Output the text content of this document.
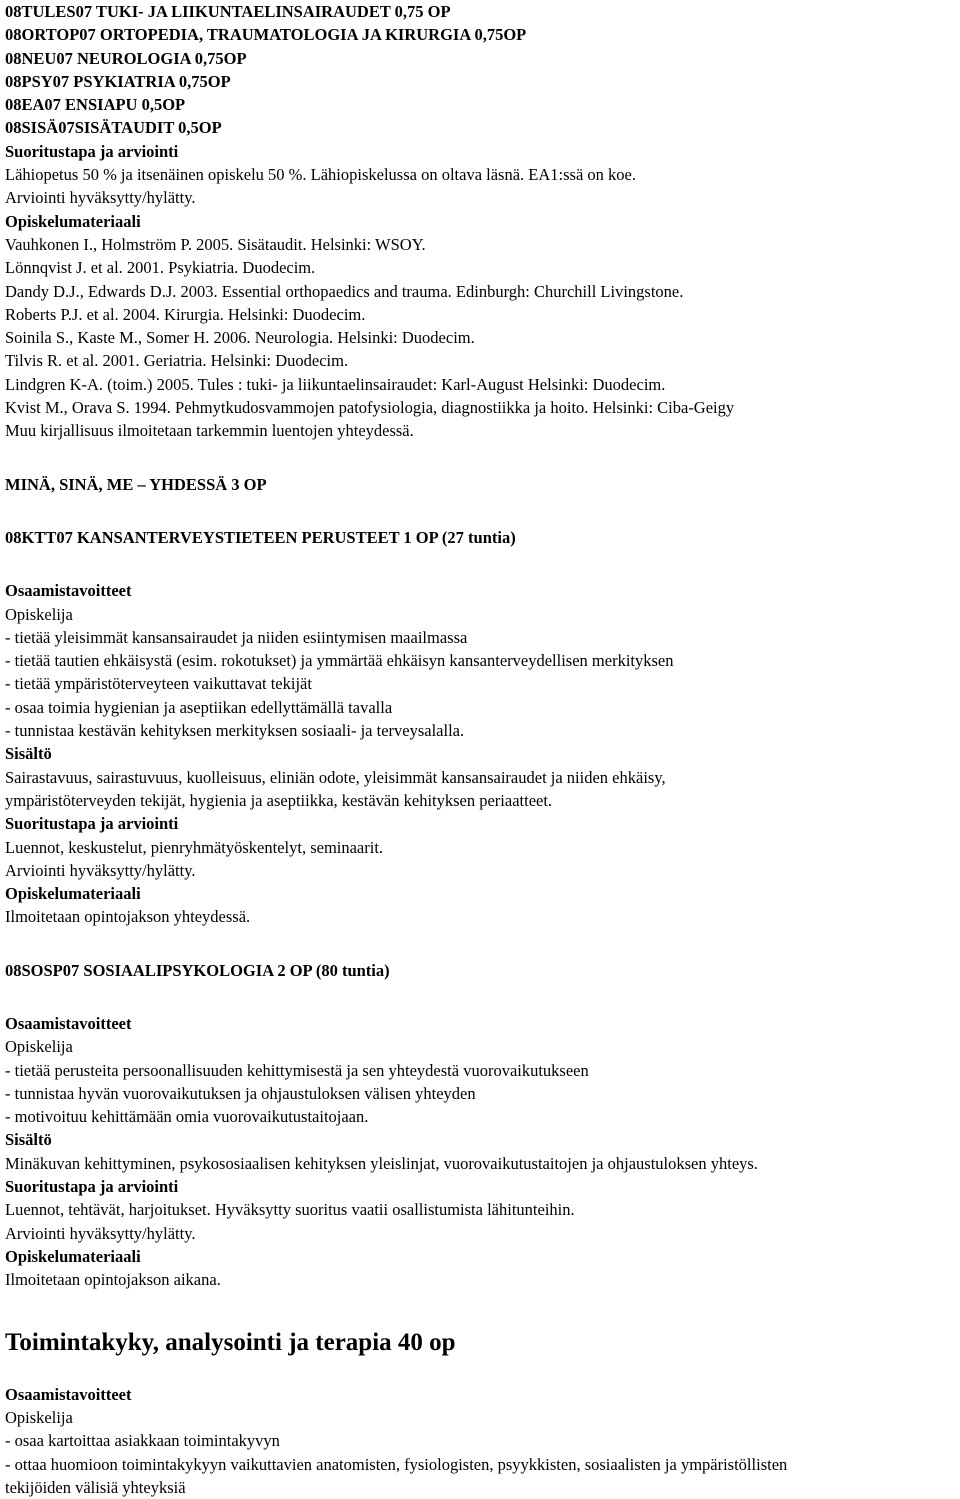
08TULES07 TUKI- JA LIIKUNTAELINSAIRAUDET 0,75 OP
08ORTOP07 ORTOPEDIA, TRAUMATOLOGIA JA KIRURGIA 0,75OP
08NEU07 NEUROLOGIA 0,75OP
08PSY07 PSYKIATRIA 0,75OP
08EA07 ENSIAPU 0,5OP
08SISÄ07SISÄTAUDIT 0,5OP
Suoritustapa ja arviointi
Lähiopetus 50 % ja itsenäinen opiskelu 50 %. Lähiopiskelussa on oltava läsnä. EA1:ssä on koe.
Arviointi hyväksytty/hylätty.
Opiskelumateriaali
Vauhkonen I., Holmström P. 2005. Sisätaudit. Helsinki: WSOY.
Lönnqvist J. et al. 2001. Psykiatria. Duodecim.
Dandy D.J., Edwards D.J. 2003. Essential orthopaedics and trauma. Edinburgh: Churchill Livingstone.
Roberts P.J. et al. 2004. Kirurgia. Helsinki: Duodecim.
Soinila S., Kaste M., Somer H. 2006. Neurologia. Helsinki: Duodecim.
Tilvis R. et al. 2001. Geriatria. Helsinki: Duodecim.
Lindgren K-A. (toim.) 2005. Tules : tuki- ja liikuntaelinsairaudet: Karl-August Helsinki: Duodecim.
Kvist M., Orava S. 1994. Pehmytkudosvammojen patofysiologia, diagnostiikka ja hoito. Helsinki: Ciba-Geigy
Muu kirjallisuus ilmoitetaan tarkemmin luentojen yhteydessä.
MINÄ, SINÄ, ME – YHDESSÄ 3 OP
08KTT07 KANSANTERVEYSTIETEEN PERUSTEET 1 OP (27 tuntia)
Osaamistavoitteet
Opiskelija
- tietää yleisimmät kansansairaudet ja niiden esiintymisen maailmassa
- tietää tautien ehkäisystä (esim. rokotukset) ja ymmärtää ehkäisyn kansanterveydellisen merkityksen
- tietää ympäristöterveyteen vaikuttavat tekijät
- osaa toimia hygienian ja aseptiikan edellyttämällä tavalla
- tunnistaa kestävän kehityksen merkityksen sosiaali- ja terveysalalla.
Sisältö
Sairastavuus, sairastuvuus, kuolleisuus, eliniän odote, yleisimmät kansansairaudet ja niiden ehkäisy,
ympäristöterveyden tekijät, hygienia ja aseptiikka, kestävän kehityksen periaatteet.
Suoritustapa ja arviointi
Luennot, keskustelut, pienryhmätyöskentelyt, seminaarit.
Arviointi hyväksytty/hylätty.
Opiskelumateriaali
Ilmoitetaan opintojakson yhteydessä.
08SOSP07 SOSIAALIPSYKOLOGIA 2 OP (80 tuntia)
Osaamistavoitteet
Opiskelija
- tietää perusteita persoonallisuuden kehittymisestä ja sen yhteydestä vuorovaikutukseen
- tunnistaa hyvän vuorovaikutuksen ja ohjaustuloksen välisen yhteyden
- motivoituu kehittämään omia vuorovaikutustaitojaan.
Sisältö
Minäkuvan kehittyminen, psykososiaalisen kehityksen yleislinjat, vuorovaikutustaitojen ja ohjaustuloksen yhteys.
Suoritustapa ja arviointi
Luennot, tehtävät, harjoitukset. Hyväksytty suoritus vaatii osallistumista lähitunteihin.
Arviointi hyväksytty/hylätty.
Opiskelumateriaali
Ilmoitetaan opintojakson aikana.
Toimintakyky, analysointi ja terapia 40 op
Osaamistavoitteet
Opiskelija
- osaa kartoittaa asiakkaan toimintakyvyn
- ottaa huomioon toimintakykyyn vaikuttavien anatomisten, fysiologisten, psyykkisten, sosiaalisten ja ympäristöllisten
tekijöiden välisiä yhteyksiä
